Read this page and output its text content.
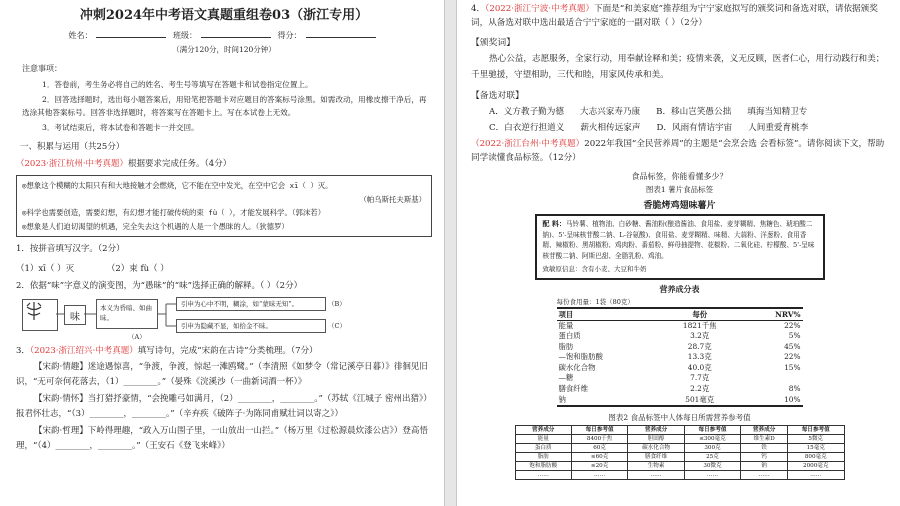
冲刺2024年中考语文真题重组卷03（浙江专用）
姓名：	班级：	得分：
（满分120分，时间120分钟）
注意事项：
1．答卷前，考生务必将自己的姓名、考生号等填写在答题卡和试卷指定位置上。
2．回答选择题时，选出每小题答案后，用铅笔把答题卡对应题目的答案标号涂黑。如需改动，用橡皮擦干净后，再选涂其他答案标号。回答非选择题时，将答案写在答题卡上。写在本试卷上无效。
3．考试结束后，将本试卷和答题卡一并交回。
一、积累与运用（共25分）
（2023·浙江杭州·中考真题）根据要求完成任务。（4分）
◎想象这个模糊的太阳只有和大地接触才会燃烧，它不能在空中发光，在空中它会 xī（ ）灭。
（帕乌斯托夫斯基）
◎科学也需要创造，需要幻想，有幻想才能打破传统的束 fù（ ），才能发展科学。（郭沫若）
◎想象是人们迫切渴望的机遇，完全失去这个机遇的人是一个愚昧的人。（狄德罗）
1．按拼音填写汉字。（2分）
（1）xī（ ）灭	（2）束 fù（ ）
2．依据“味”字意义的演变图，为“愚昧”的“味”选择正确的解释。（ ）（2分）
味
本义为昏暗、如曲昧。
（A）
引申为心中不明，糊涂，如“蒙昧无知”。
引申为隐藏不显，如拾金不昧。
（B）
（C）
3．（2023·浙江绍兴·中考真题）填写诗句，完成“宋韵在古诗”分类梳理。（7分）
【宋韵·情趣】迷途遇惊喜，“争渡，争渡，惊起一滩鸥鹭。”（李清照《如梦令（常记溪亭日暮）》徘徊见旧识，“无可奈何花落去，（1）________。”（晏殊《浣溪沙（一曲新词酒一杯）》
【宋韵·情怀】当打猎抒豪情，“会挽雕弓如满月，（2）________，________。”（苏轼《江城子 密州出猎》）报君怀壮志，“（3）________，________。”（辛弃疾《破阵子·为陈同甫赋壮词以寄之》）
【宋韵·哲理】下岭得理趣，“政入万山围子里，一山放出一山拦。”（杨万里《过松源晨炊漆公店》）登高悟理，“（4）________，________。”（王安石《登飞来峰》）
4．（2022·浙江宁波·中考真题）下面是“和美家庭”推荐组为宁宁家庭拟写的颁奖词和备选对联，请依据颁奖词，从备选对联中选出最适合宁宁家庭的一副对联（ ）（2分）
【颁奖词】
热心公益，志愿服务，全家行动，用奉献诠释和美；疫情来袭，义无反顾，医者仁心，用行动践行和美；千里驰援，守望相助，三代和睦，用家风传承和美。
【备选对联】
A．义方教子勤为德 大志兴家寿乃康 B．移山岂笑愚公拙 填海当知精卫专
C．白衣逆行担道义 薪火相传远家声 D．风雨有情诘宇宙 人间重爱育桃李
（2022·浙江台州·中考真题）2022年我国“全民营养周”的主题是“会烹会选 会看标签”。请你阅读下文，帮助同学读懂食品标签。（12分）
食品标签，你能看懂多少？
图表1 薯片食品标签
香脆烤鸡翅味薯片
配 料：马铃薯、植物油、白砂糖、酱油粉(酿造酱油、食用盐、麦芽糊精、焦糖色、琥珀酸二钠)、5'-呈味核苷酸二钠、L-谷氨酸)、食用盐、麦芽糊精、味精、大蒜粉、洋葱粉、食用香精、辣椒粉、黑胡椒粉、鸡肉粉、番茄粉、鲜母抽提物、花椒粉、二氧化硅、柠檬酸、5'-呈味核苷酸二钠、阿斯巴甜、全脂乳粉、鸡油。
致敏原信息：含有小麦、大豆和牛奶
营养成分表
每份食用量：1袋（80克）
项目	每份	NRV%
能量	1821千焦	22%
蛋白质	3.2克	5%
脂肪	28.7克	45%
—饱和脂肪酸	13.3克	22%
碳水化合物	40.0克	15%
—糖	7.7克	
膳食纤维	2.2克	8%
钠	501毫克	10%
图表2 食品标签中人体每日所需营养参考值
营养成分	每日参考值	营养成分	每日参考值	营养成分	每日参考值
能量	8400千焦	胆固醇	≤300毫克	维生素D	5微克
蛋白质	60克	碳水化合物	300克	铁	15毫克
脂肪	≤60克	膳食纤维	25克	钙	800毫克
饱和脂肪酸	≤20克	生物素	30微克	钠	2000毫克
……	……	……	……	……	……
